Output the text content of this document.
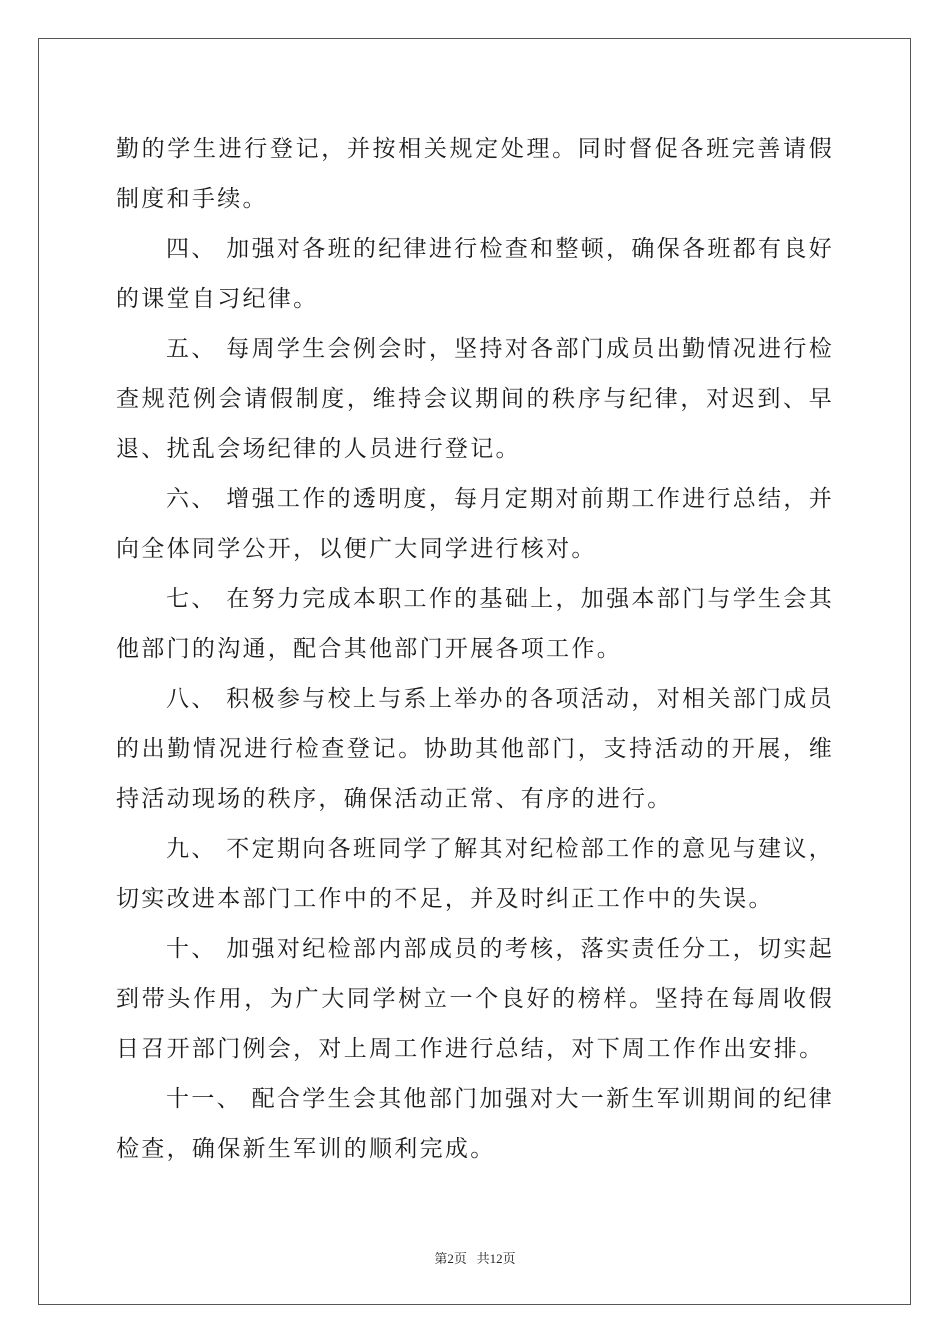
勤的学生进行登记，并按相关规定处理。同时督促各班完善请假制度和手续。

四、 加强对各班的纪律进行检查和整顿，确保各班都有良好的课堂自习纪律。

五、 每周学生会例会时，坚持对各部门成员出勤情况进行检查规范例会请假制度，维持会议期间的秩序与纪律，对迟到、早退、扰乱会场纪律的人员进行登记。

六、 增强工作的透明度，每月定期对前期工作进行总结，并向全体同学公开，以便广大同学进行核对。

七、 在努力完成本职工作的基础上，加强本部门与学生会其他部门的沟通，配合其他部门开展各项工作。

八、 积极参与校上与系上举办的各项活动，对相关部门成员的出勤情况进行检查登记。协助其他部门，支持活动的开展，维持活动现场的秩序，确保活动正常、有序的进行。

九、 不定期向各班同学了解其对纪检部工作的意见与建议，切实改进本部门工作中的不足，并及时纠正工作中的失误。

十、 加强对纪检部内部成员的考核，落实责任分工，切实起到带头作用，为广大同学树立一个良好的榜样。坚持在每周收假日召开部门例会，对上周工作进行总结，对下周工作作出安排。

十一、 配合学生会其他部门加强对大一新生军训期间的纪律检查，确保新生军训的顺利完成。

第2页 共12页
